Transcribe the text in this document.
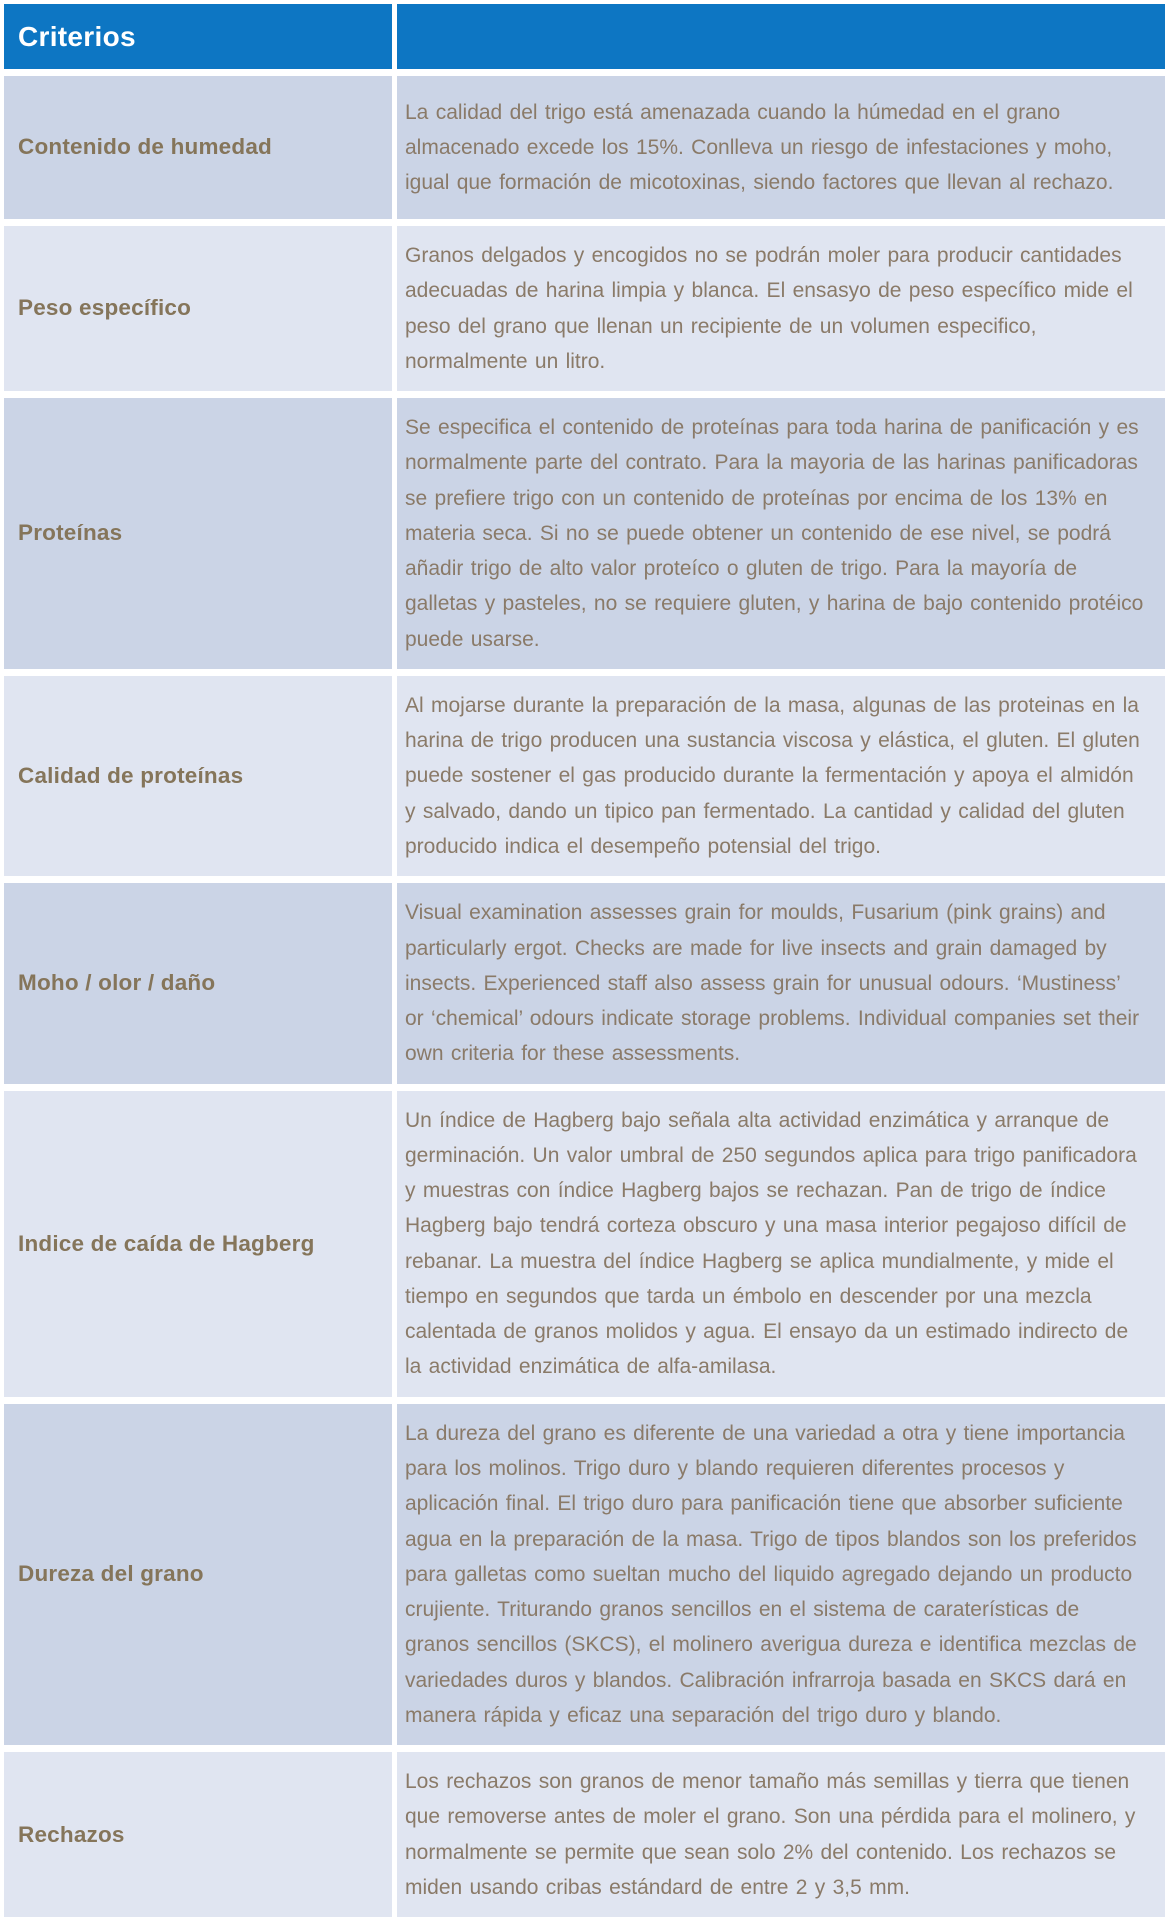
Criterios
Contenido de humedad
La calidad del trigo está amenazada cuando la húmedad en el grano almacenado excede los 15%. Conlleva un riesgo de infestaciones y moho, igual que formación de micotoxinas, siendo factores que llevan al rechazo.
Peso específico
Granos delgados y encogidos no se podrán moler para producir cantidades adecuadas de harina limpia y blanca. El ensasyo de peso específico mide el peso del grano que llenan un recipiente de un volumen especifico, normalmente un litro.
Proteínas
Se especifica el contenido de proteínas para toda harina de panificación y es normalmente parte del contrato. Para la mayoria de las harinas panificadoras se prefiere trigo con un contenido de proteínas por encima de los 13% en materia seca. Si no se puede obtener un contenido de ese nivel, se podrá añadir trigo de alto valor proteíco o gluten de trigo. Para la mayoría de galletas y pasteles, no se requiere gluten, y harina de bajo contenido protéico puede usarse.
Calidad de proteínas
Al mojarse durante la preparación de la masa, algunas de las proteinas en la harina de trigo producen una sustancia viscosa y elástica, el gluten. El gluten puede sostener el gas producido durante la fermentación y apoya el almidón y salvado, dando un tipico pan fermentado. La cantidad y calidad del gluten producido indica el desempeño potensial del trigo.
Moho / olor / daño
Visual examination assesses grain for moulds, Fusarium (pink grains) and particularly ergot. Checks are made for live insects and grain damaged by insects. Experienced staff also assess grain for unusual odours. ‘Mustiness’ or ‘chemical’ odours indicate storage problems. Individual companies set their own criteria for these assessments.
Indice de caída de Hagberg
Un índice de Hagberg bajo señala alta actividad enzimática y arranque de germinación. Un valor umbral de 250 segundos aplica para trigo panificadora y muestras con índice Hagberg bajos se rechazan. Pan de trigo de índice Hagberg bajo tendrá corteza obscuro y una masa interior pegajoso difícil de rebanar. La muestra del índice Hagberg se aplica mundialmente, y mide el tiempo en segundos que tarda un émbolo en descender por una mezcla calentada de granos molidos y agua. El ensayo da un estimado indirecto de la actividad enzimática de alfa-amilasa.
Dureza del grano
La dureza del grano es diferente de una variedad a otra y tiene importancia para los molinos. Trigo duro y blando requieren diferentes procesos y aplicación final. El trigo duro para panificación tiene que absorber suficiente agua en la preparación de la masa. Trigo de tipos blandos son los preferidos para galletas como sueltan mucho del liquido agregado dejando un producto crujiente. Triturando granos sencillos en el sistema de caraterísticas de granos sencillos (SKCS), el molinero averigua dureza e identifica mezclas de variedades duros y blandos. Calibración infrarroja basada en SKCS dará en manera rápida y eficaz una separación del trigo duro y blando.
Rechazos
Los rechazos son granos de menor tamaño más semillas y tierra que tienen que removerse antes de moler el grano. Son una pérdida para el molinero, y normalmente se permite que sean solo 2% del contenido. Los rechazos se miden usando cribas estándard de entre 2 y 3,5 mm.
